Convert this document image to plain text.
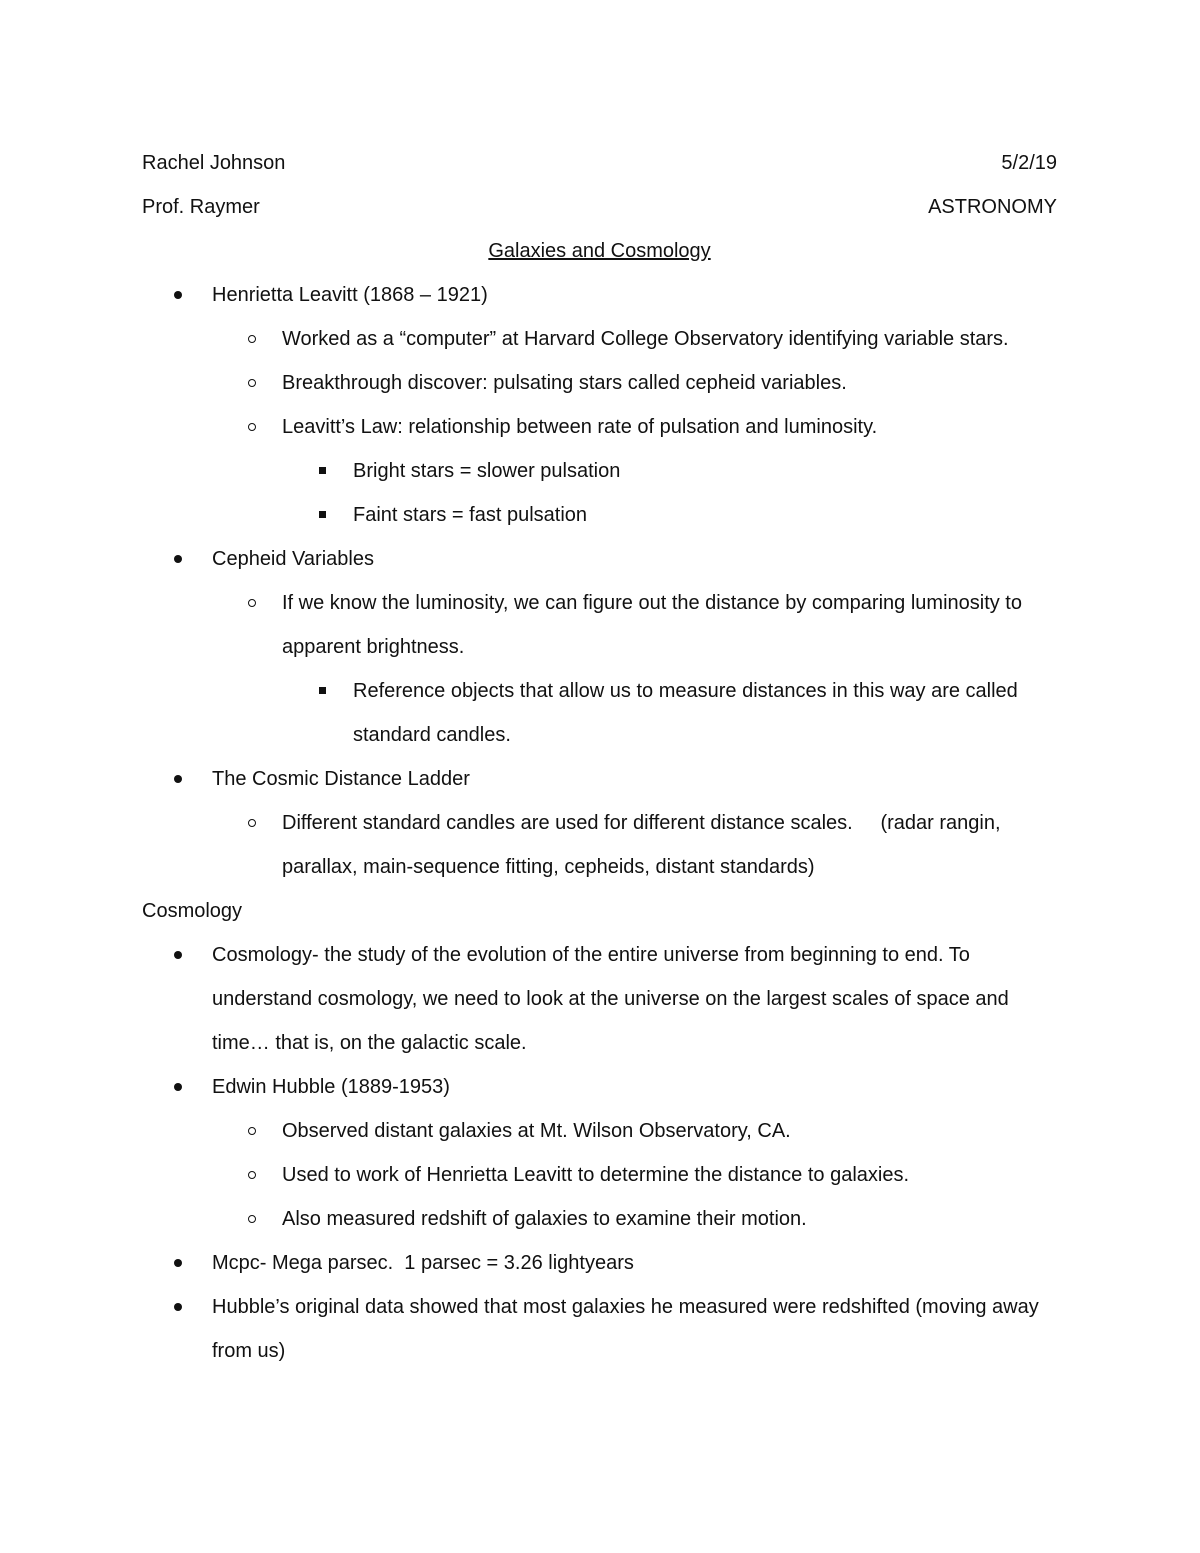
Rachel Johnson	5/2/19
Prof. Raymer	ASTRONOMY
Galaxies and Cosmology
Henrietta Leavitt (1868 – 1921)
Worked as a “computer” at Harvard College Observatory identifying variable stars.
Breakthrough discover: pulsating stars called cepheid variables.
Leavitt’s Law: relationship between rate of pulsation and luminosity.
Bright stars = slower pulsation
Faint stars = fast pulsation
Cepheid Variables
If we know the luminosity, we can figure out the distance by comparing luminosity to apparent brightness.
Reference objects that allow us to measure distances in this way are called standard candles.
The Cosmic Distance Ladder
Different standard candles are used for different distance scales.     (radar rangin, parallax, main-sequence fitting, cepheids, distant standards)
Cosmology
Cosmology- the study of the evolution of the entire universe from beginning to end. To understand cosmology, we need to look at the universe on the largest scales of space and time… that is, on the galactic scale.
Edwin Hubble (1889-1953)
Observed distant galaxies at Mt. Wilson Observatory, CA.
Used to work of Henrietta Leavitt to determine the distance to galaxies.
Also measured redshift of galaxies to examine their motion.
Mcpc- Mega parsec.  1 parsec = 3.26 lightyears
Hubble’s original data showed that most galaxies he measured were redshifted (moving away from us)
